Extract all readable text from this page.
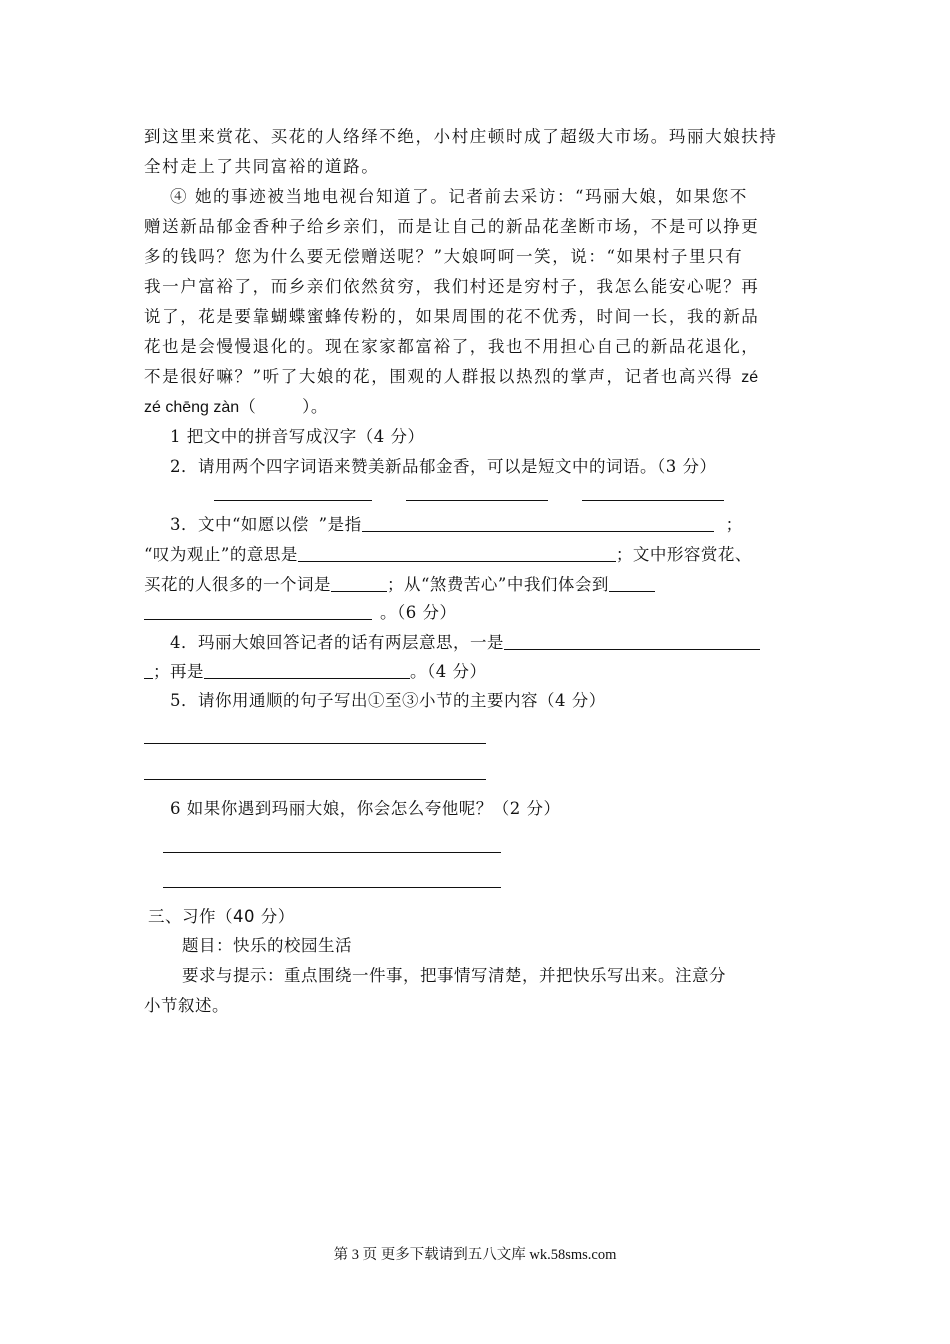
到这里来赏花、买花的人络绎不绝，小村庄顿时成了超级大市场。玛丽大娘扶持
全村走上了共同富裕的道路。
④ 她的事迹被当地电视台知道了。记者前去采访：“玛丽大娘，如果您不
赠送新品郁金香种子给乡亲们，而是让自己的新品花垄断市场，不是可以挣更
多的钱吗？您为什么要无偿赠送呢？”大娘呵呵一笑，说：“如果村子里只有
我一户富裕了，而乡亲们依然贫穷，我们村还是穷村子，我怎么能安心呢？再
说了，花是要靠蝴蝶蜜蜂传粉的，如果周围的花不优秀，时间一长，我的新品
花也是会慢慢退化的。现在家家都富裕了，我也不用担心自己的新品花退化，
不是很好嘛？”听了大娘的花，围观的人群报以热烈的掌声，记者也高兴得 zé
zé chēng zàn（        ）。
1 把文中的拼音写成汉字（4 分）
2．请用两个四字词语来赞美新品郁金香，可以是短文中的词语。（3 分）
3．文中“如愿以偿 ”是指	；
“叹为观止”的意思是	；文中形容赏花、
买花的人很多的一个词是	；从“煞费苦心”中我们体会到
。（6 分）
4．玛丽大娘回答记者的话有两层意思，一是
；再是	。（4 分）
5．请你用通顺的句子写出①至③小节的主要内容（4 分）
6 如果你遇到玛丽大娘，你会怎么夸他呢？（2 分）
三、习作（40 分）
题目：快乐的校园生活
要求与提示：重点围绕一件事，把事情写清楚，并把快乐写出来。注意分
小节叙述。
第 3 页 更多下载请到五八文库 wk.58sms.com
